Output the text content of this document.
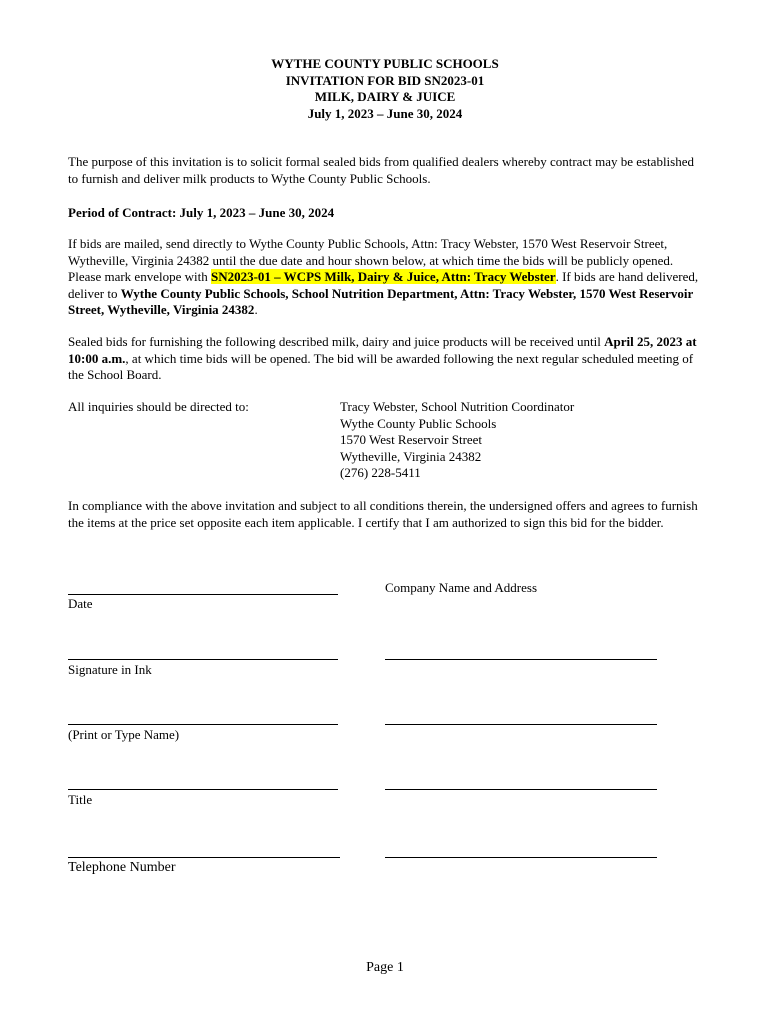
WYTHE COUNTY PUBLIC SCHOOLS
INVITATION FOR BID SN2023-01
MILK, DAIRY & JUICE
July 1, 2023 – June 30, 2024
The purpose of this invitation is to solicit formal sealed bids from qualified dealers whereby contract may be established to furnish and deliver milk products to Wythe County Public Schools.
Period of Contract: July 1, 2023 – June 30, 2024
If bids are mailed, send directly to Wythe County Public Schools, Attn: Tracy Webster, 1570 West Reservoir Street, Wytheville, Virginia 24382 until the due date and hour shown below, at which time the bids will be publicly opened. Please mark envelope with SN2023-01 – WCPS Milk, Dairy & Juice, Attn: Tracy Webster. If bids are hand delivered, deliver to Wythe County Public Schools, School Nutrition Department, Attn: Tracy Webster, 1570 West Reservoir Street, Wytheville, Virginia 24382.
Sealed bids for furnishing the following described milk, dairy and juice products will be received until April 25, 2023 at 10:00 a.m., at which time bids will be opened. The bid will be awarded following the next regular scheduled meeting of the School Board.
All inquiries should be directed to:	Tracy Webster, School Nutrition Coordinator
Wythe County Public Schools
1570 West Reservoir Street
Wytheville, Virginia 24382
(276) 228-5411
In compliance with the above invitation and subject to all conditions therein, the undersigned offers and agrees to furnish the items at the price set opposite each item applicable. I certify that I am authorized to sign this bid for the bidder.
Date
Company Name and Address
Signature in Ink
(Print or Type Name)
Title
Telephone Number
Page 1
